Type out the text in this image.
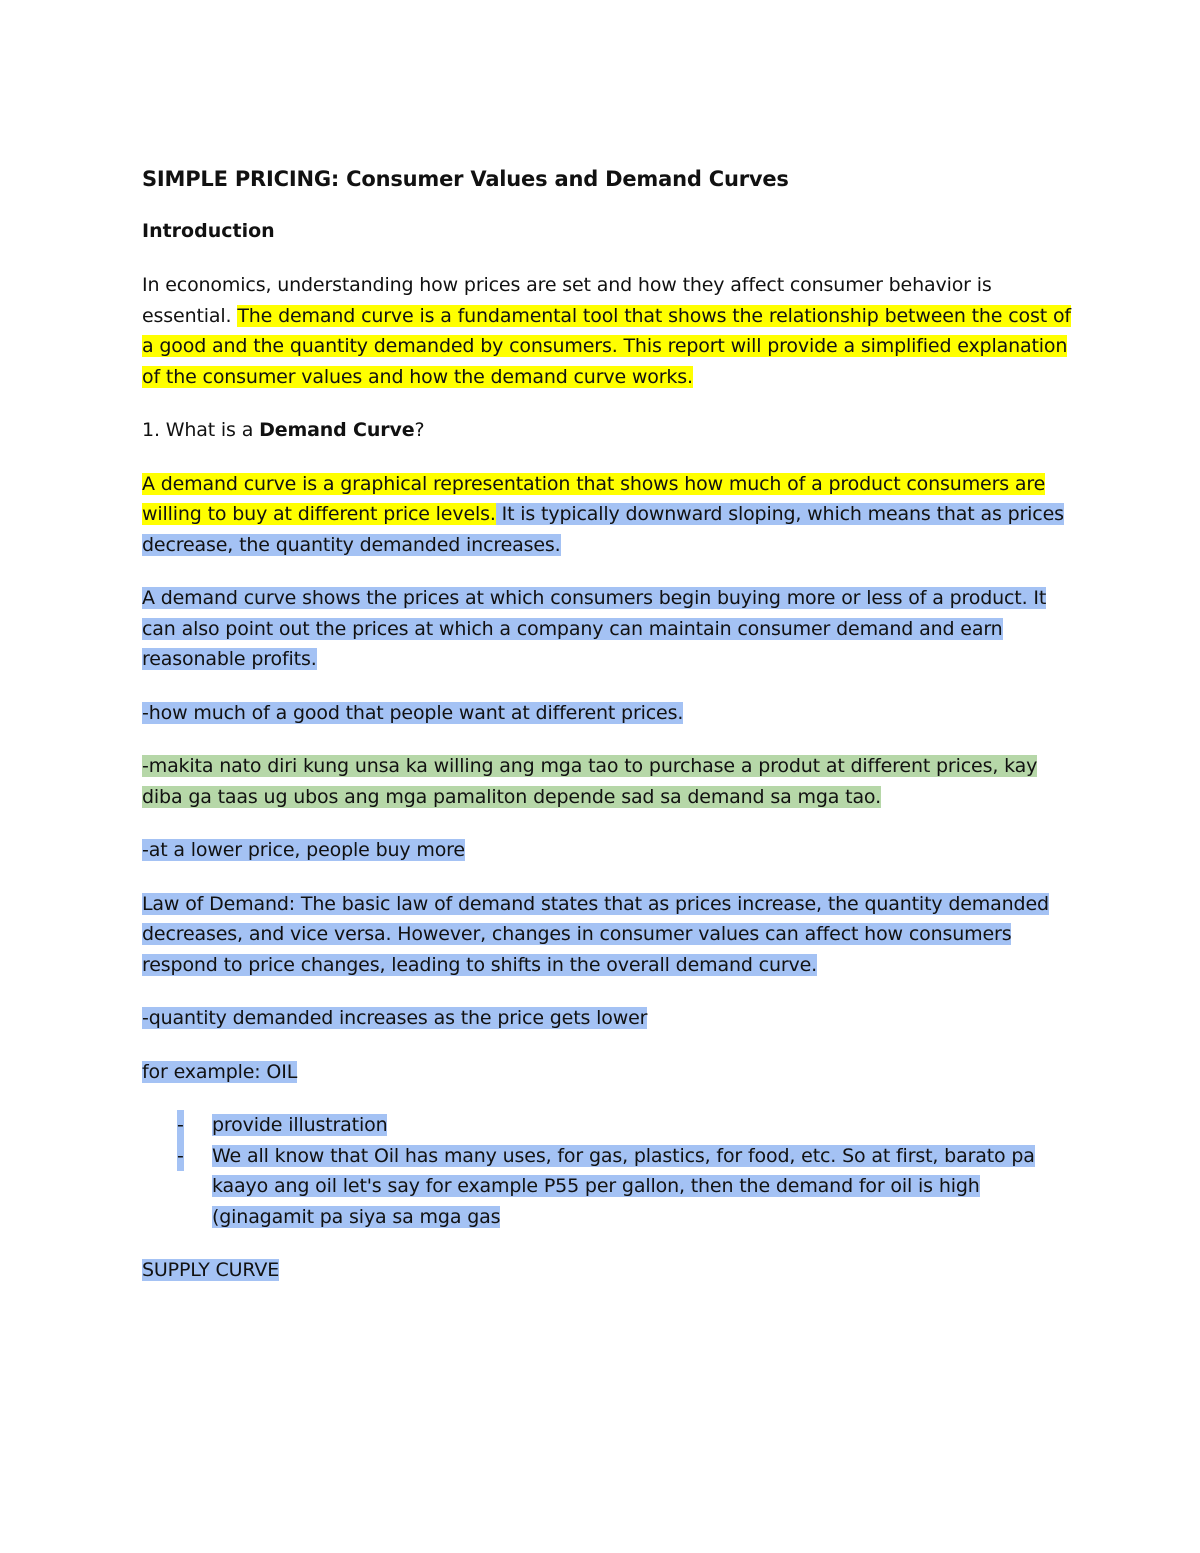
SIMPLE PRICING: Consumer Values and Demand Curves
Introduction

In economics, understanding how prices are set and how they affect consumer behavior is essential. The demand curve is a fundamental tool that shows the relationship between the cost of a good and the quantity demanded by consumers. This report will provide a simplified explanation of the consumer values and how the demand curve works.

1. What is a Demand Curve?

A demand curve is a graphical representation that shows how much of a product consumers are willing to buy at different price levels. It is typically downward sloping, which means that as prices decrease, the quantity demanded increases.

A demand curve shows the prices at which consumers begin buying more or less of a product. It can also point out the prices at which a company can maintain consumer demand and earn reasonable profits.

-how much of a good that people want at different prices.

-makita nato diri kung unsa ka willing ang mga tao to purchase a produt at different prices, kay diba ga taas ug ubos ang mga pamaliton depende sad sa demand sa mga tao.

-at a lower price, people buy more

Law of Demand: The basic law of demand states that as prices increase, the quantity demanded decreases, and vice versa. However, changes in consumer values can affect how consumers respond to price changes, leading to shifts in the overall demand curve.

-quantity demanded increases as the price gets lower

for example: OIL

- provide illustration
- We all know that Oil has many uses, for gas, plastics, for food, etc. So at first, barato pa kaayo ang oil let's say for example P55 per gallon, then the demand for oil is high (ginagamit pa siya sa mga gas

SUPPLY CURVE
